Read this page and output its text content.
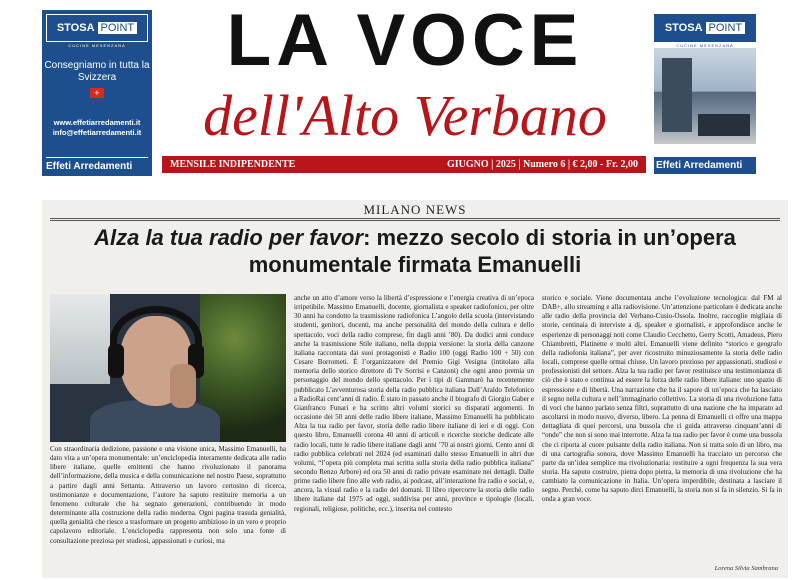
STOSA POINT
CUCINE MESENZANA
Consegniamo in tutta la Svizzera
+
www.effetiarredamenti.it
info@effetiarredamenti.it
Effeti Arredamenti
LA VOCE
dell'Alto Verbano
MENSILE INDIPENDENTE	GIUGNO | 2025 | Numero 6 | € 2,00 - Fr. 2,00
STOSA POINT
CUCINE MESENZANA
Effeti Arredamenti
MILANO NEWS
Alza la tua radio per favor: mezzo secolo di storia in un’opera monumentale firmata Emanuelli
Con straordinaria dedizione, passione e una visione unica, Massimo Emanuelli, ha dato vita a un’opera monumentale: un’enciclopedia interamente dedicata alle radio libere italiane, quelle emittenti che hanno rivoluzionato il panorama dell’informazione, della musica e della comunicazione nel nostro Paese, soprattutto a partire dagli anni Settanta. Attraverso un lavoro certosino di ricerca, testimonianze e documentazione, l’autore ha saputo restituire memoria a un fenomeno culturale che ha segnato generazioni, contribuendo in modo determinante alla costruzione della radio moderna. Ogni pagina trasuda genialità, quella genialità che riesce a trasformare un progetto ambizioso in un vero e proprio capolavoro editoriale. L’enciclopedia rappresenta non solo una fonte di consultazione preziosa per studiosi, appassionati e curiosi, ma
anche un atto d’amore verso la libertà d’espressione e l’energia creativa di un’epoca irripetibile. Massimo Emanuelli, docente, giornalista e speaker radiofonico, per oltre 30 anni ha condotto la trasmissione radiofonica L’angolo della scuola (intervistando studenti, genitori, docenti, ma anche personalità del mondo della cultura e dello spettacolo, voci della radio comprese, fin dagli anni ’80). Da dodici anni conduce anche la trasmissione Stile italiano, nella doppia versione: la storia della canzone italiana raccontata dai suoi protagonisti e Radio 100 (oggi Radio 100 + 50) con Cesare Borrometi. È l’organizzatore del Premio Gigi Vesigna (intitolato alla memoria dello storico direttore di Tv Sorrisi e Canzoni) che ogni anno premia un personaggio del mondo dello spettacolo. Per i tipi di Gammarò ha recentemente pubblicato L’avventurosa storia della radio pubblica italiana Dall’Araldo Telefonico a RadioRai cent’anni di radio. È stato in passato anche il biografo di Giorgio Gaber e Gianfranco Funari e ha scritto altri volumi storici su disparati argomenti. In occasione dei 50 anni delle radio libere italiane, Massimo Emanuelli ha pubblicato Alza la tua radio per favor, storia delle radio libere italiane di ieri e di oggi. Con questo libro, Emanuelli corona 40 anni di articoli e ricerche storiche dedicate alle radio locali, tutte le radio libere italiane dagli anni ’70 ai nostri giorni. Cento anni di radio pubblica celebrati nel 2024 (ed esaminati dallo stesso Emanuelli in altri due volumi, “l’opera più completa mai scritta sulla storia della radio pubblica italiana” secondo Renzo Arbore) ed ora 50 anni di radio private esaminate nei dettagli. Dalle prime radio libere fino alle web radio, ai podcast, all’interazione fra radio e social, e, ancora, la visual radio e la radio del domani. Il libro ripercorre la storia delle radio libere italiane dal 1975 ad oggi, suddivisa per anni, province e tipologie (locali, regionali, religiose, politiche, ecc.), inserita nel contesto
storico e sociale. Viene documentata anche l’evoluzione tecnologica: dal FM al DAB+, allo streaming e alla radiovisione. Un’attenzione particolare è dedicata anche alle radio della provincia del Verbano-Cusio-Ossola. Inoltre, raccoglie migliaia di storie, centinaia di interviste a dj, speaker e giornalisti, e approfondisce anche le esperienze di personaggi noti come Claudio Cecchetto, Gerry Scotti, Amadeus, Piero Chiambretti, Platinette e molti altri. Emanuelli viene definito “storico e geografo della radiofonia italiana”, per aver ricostruito minuziosamente la storia delle radio locali, comprese quelle ormai chiuse. Un lavoro prezioso per appassionati, studiosi e professionisti del settore. Alza la tua radio per favor restituisce una testimonianza di ciò che è stato e continua ad essere la forza delle radio libere italiane: uno spazio di espressione e di libertà. Una narrazione che ha il sapore di un’epoca che ha lasciato il segno nella cultura e nell’immaginario collettivo. La storia di una rivoluzione fatta di voci che hanno parlato senza filtri, soprattutto di una nazione che ha imparato ad ascoltarsi in modo nuovo, diverso, libero. La penna di Emanuelli ci offre una mappa dettagliata di quei percorsi, una bussola che ci guida attraverso cinquant’anni di “onde” che non si sono mai interrotte. Alza la tua radio per favor è come una bussola che ci riporta al cuore pulsante della radio italiana. Non si tratta solo di un libro, ma di una cartografia sonora, dove Massimo Emanuelli ha tracciato un percorso che parte da un’idea semplice ma rivoluzionaria: restituire a ogni frequenza la sua vera storia. Ha saputo costruire, pietra dopo pietra, la memoria di una rivoluzione che ha cambiato la comunicazione in Italia. Un’opera imperdibile, destinata a lasciare il segno. Perché, come ha saputo dirci Emanuelli, la storia non si fa in silenzio. Si fa in onda a gran voce.
Lorena Silvia Sambrana
